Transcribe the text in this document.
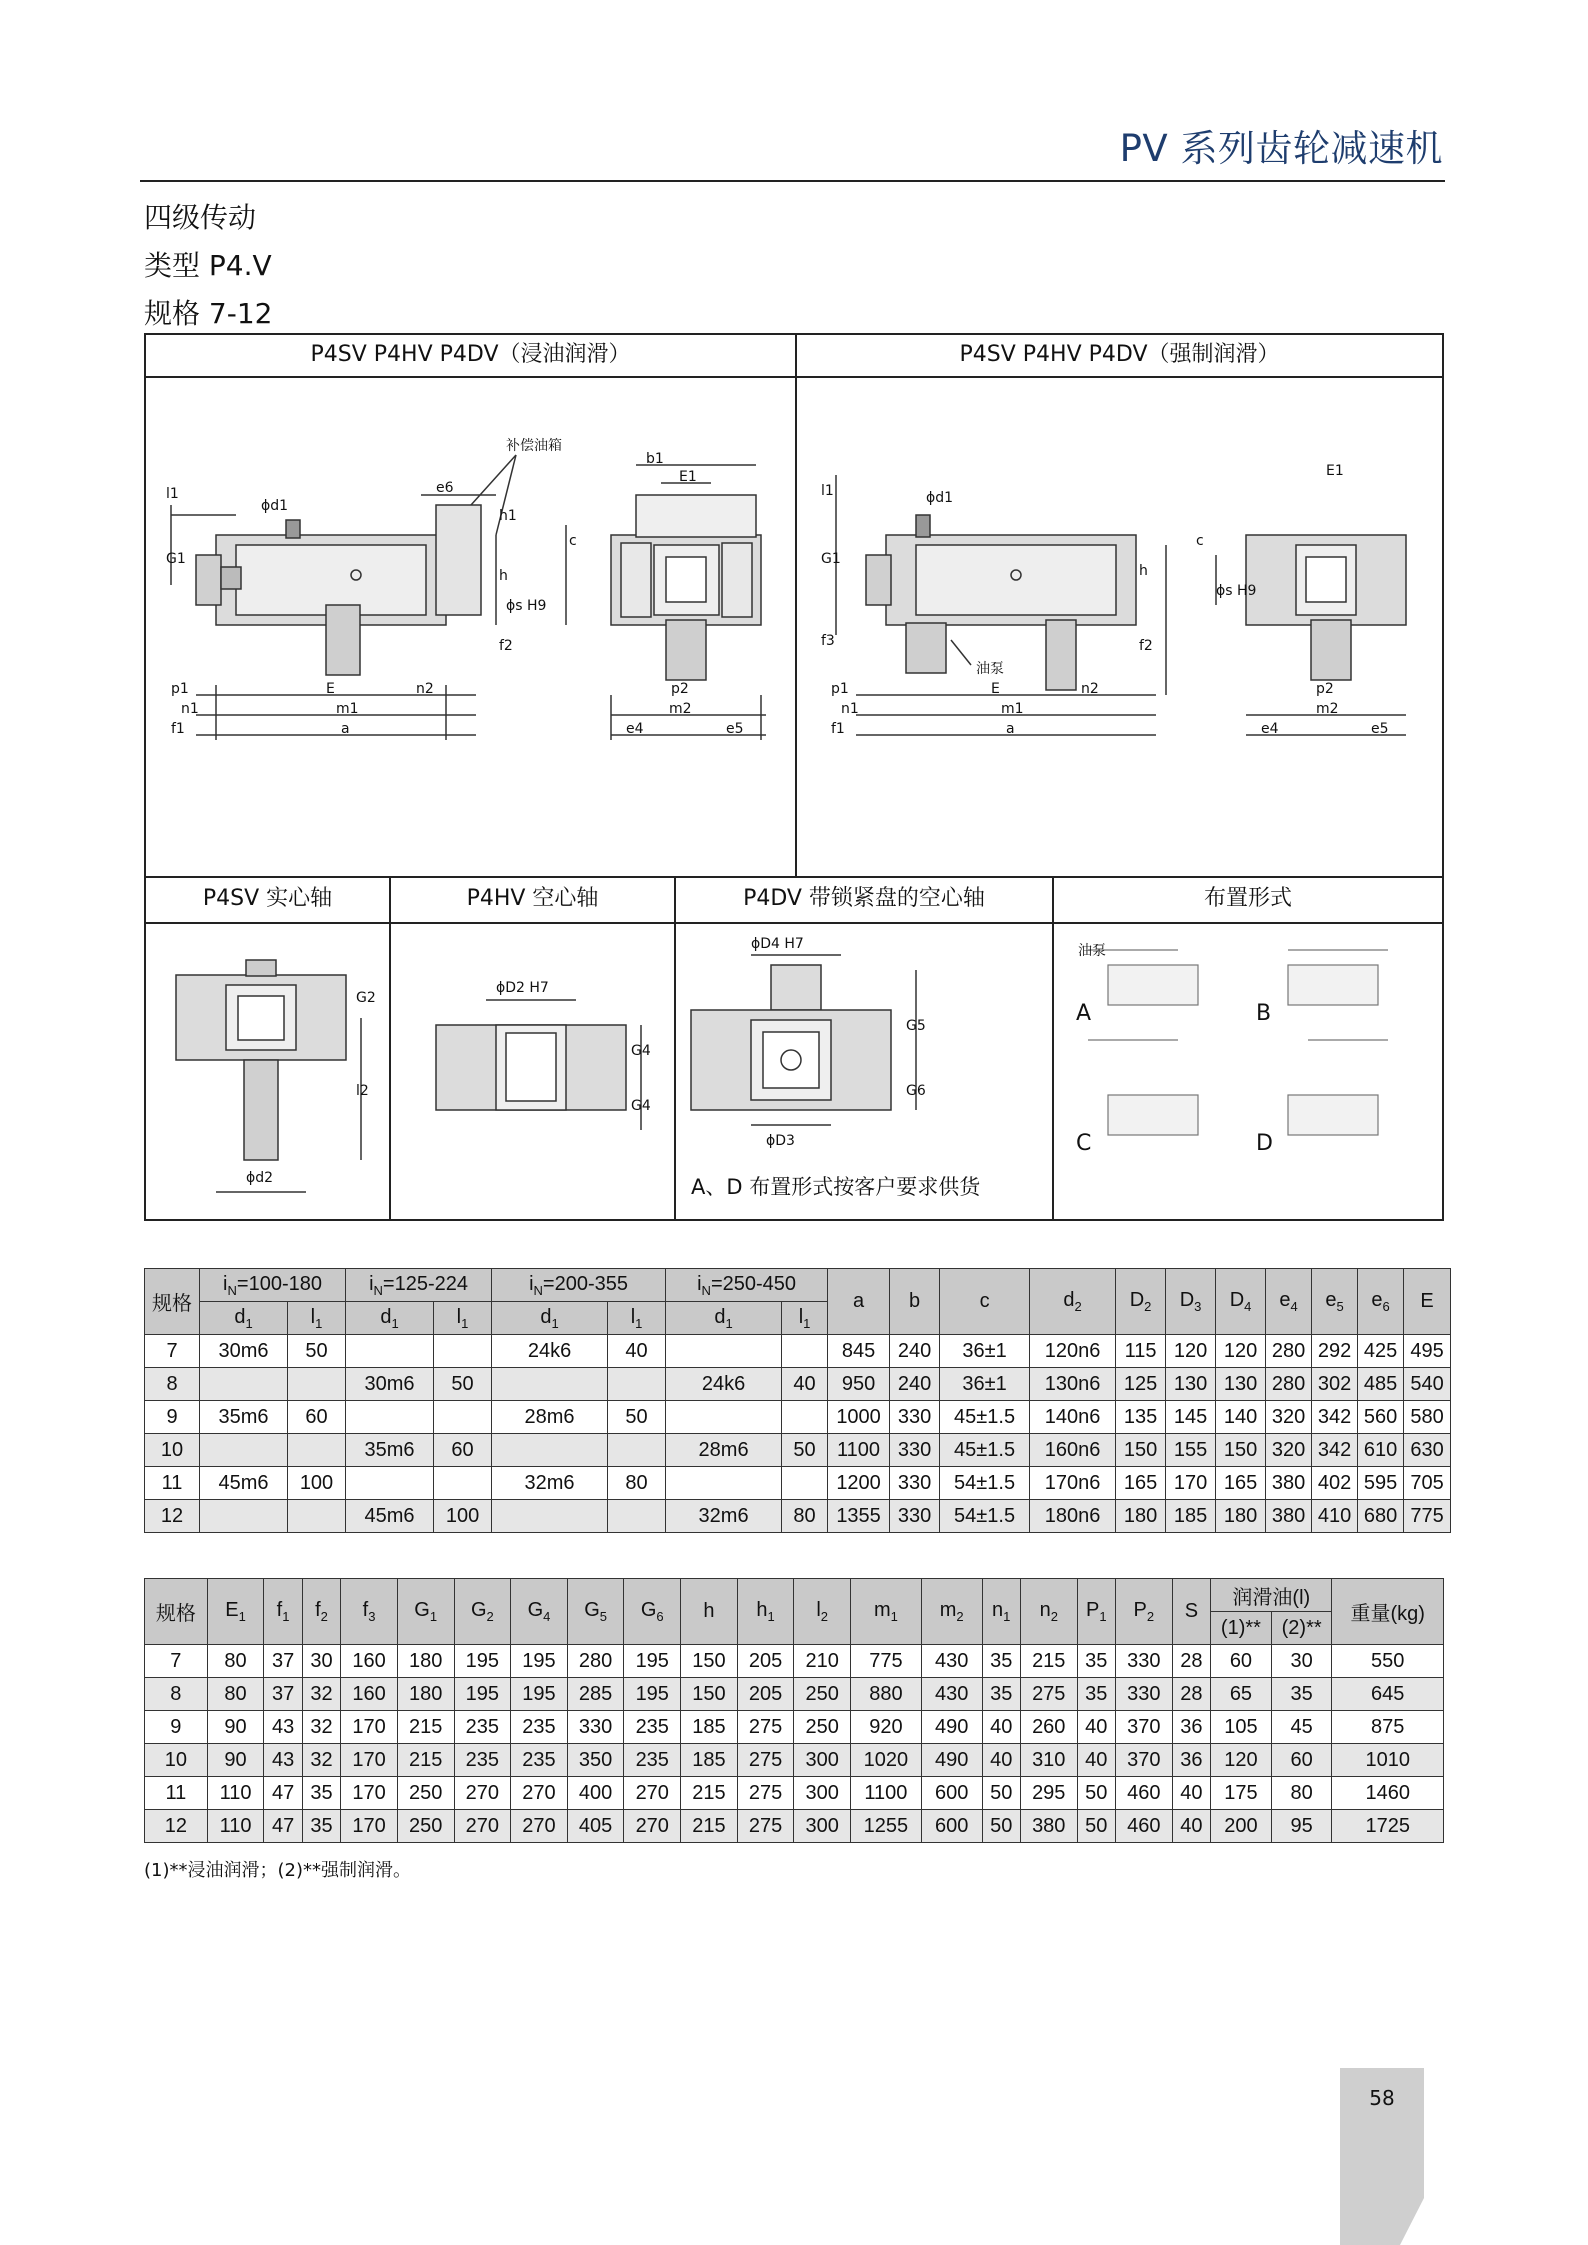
PV 系列齿轮减速机
四级传动
类型 P4.V
规格 7-12
P4SV P4HV P4DV（浸油润滑）	P4SV P4HV P4DV（强制润滑）
P4SV 实心轴	P4HV 空心轴	P4DV 带锁紧盘的空心轴	布置形式
补偿油箱
e6
ϕd1
l1
G1
h1
h
c
ϕs H9
f2
b1
E1
p1
n1
f1
E	n2
m1
a
p2
m2
e4	e5
ϕd1
l1
G1
f3
油泵
h
f2
c
ϕs H9
E1
p1
n1
f1
E	n2
m1
a
p2
m2
e4	e5
G2
l2
ϕd2
ϕD2 H7
G4
G4
ϕD4 H7
G5
G6
ϕD3
A、D 布置形式按客户要求供货
油泵
A	B
C	D
规格	$i_N=100-180$		$i_N=125-224$		$i_N=200-355$		$i_N=250-450$		a	b	c	$d_2$	$D_2$	$D_3$	$D_4$	$e_4$	$e_5$	$e_6$	E
	$d_1$	$l_1$	$d_1$	$l_1$	$d_1$	$l_1$	$d_1$	$l_1$
7	30m6	50			24k6	40			845	240	36±1	120n6	115	120	120	280	292	425	495
8			30m6	50			24k6	40	950	240	36±1	130n6	125	130	130	280	302	485	540
9	35m6	60			28m6	50			1000	330	45±1.5	140n6	135	145	140	320	342	560	580
10			35m6	60			28m6	50	1100	330	45±1.5	160n6	150	155	150	320	342	610	630
11	45m6	100			32m6	80			1200	330	54±1.5	170n6	165	170	165	380	402	595	705
12			45m6	100			32m6	80	1355	330	54±1.5	180n6	180	185	180	380	410	680	775
规格	$E_1$	$f_1$	$f_2$	$f_3$	$G_1$	$G_2$	$G_4$	$G_5$	$G_6$	h	$h_1$	$l_2$	$m_1$	$m_2$	$n_1$	$n_2$	$P_1$	$P_2$	S	润滑油(l)		重量(kg)
																				(1)**	(2)**	
7	80	37	30	160	180	195	195	280	195	150	205	210	775	430	35	215	35	330	28	60	30	550
8	80	37	32	160	180	195	195	285	195	150	205	250	880	430	35	275	35	330	28	65	35	645
9	90	43	32	170	215	235	235	330	235	185	275	250	920	490	40	260	40	370	36	105	45	875
10	90	43	32	170	215	235	235	350	235	185	275	300	1020	490	40	310	40	370	36	120	60	1010
11	110	47	35	170	250	270	270	400	270	215	275	300	1100	600	50	295	50	460	40	175	80	1460
12	110	47	35	170	250	270	270	405	270	215	275	300	1255	600	50	380	50	460	40	200	95	1725
(1)**浸油润滑；(2)**强制润滑。
58
